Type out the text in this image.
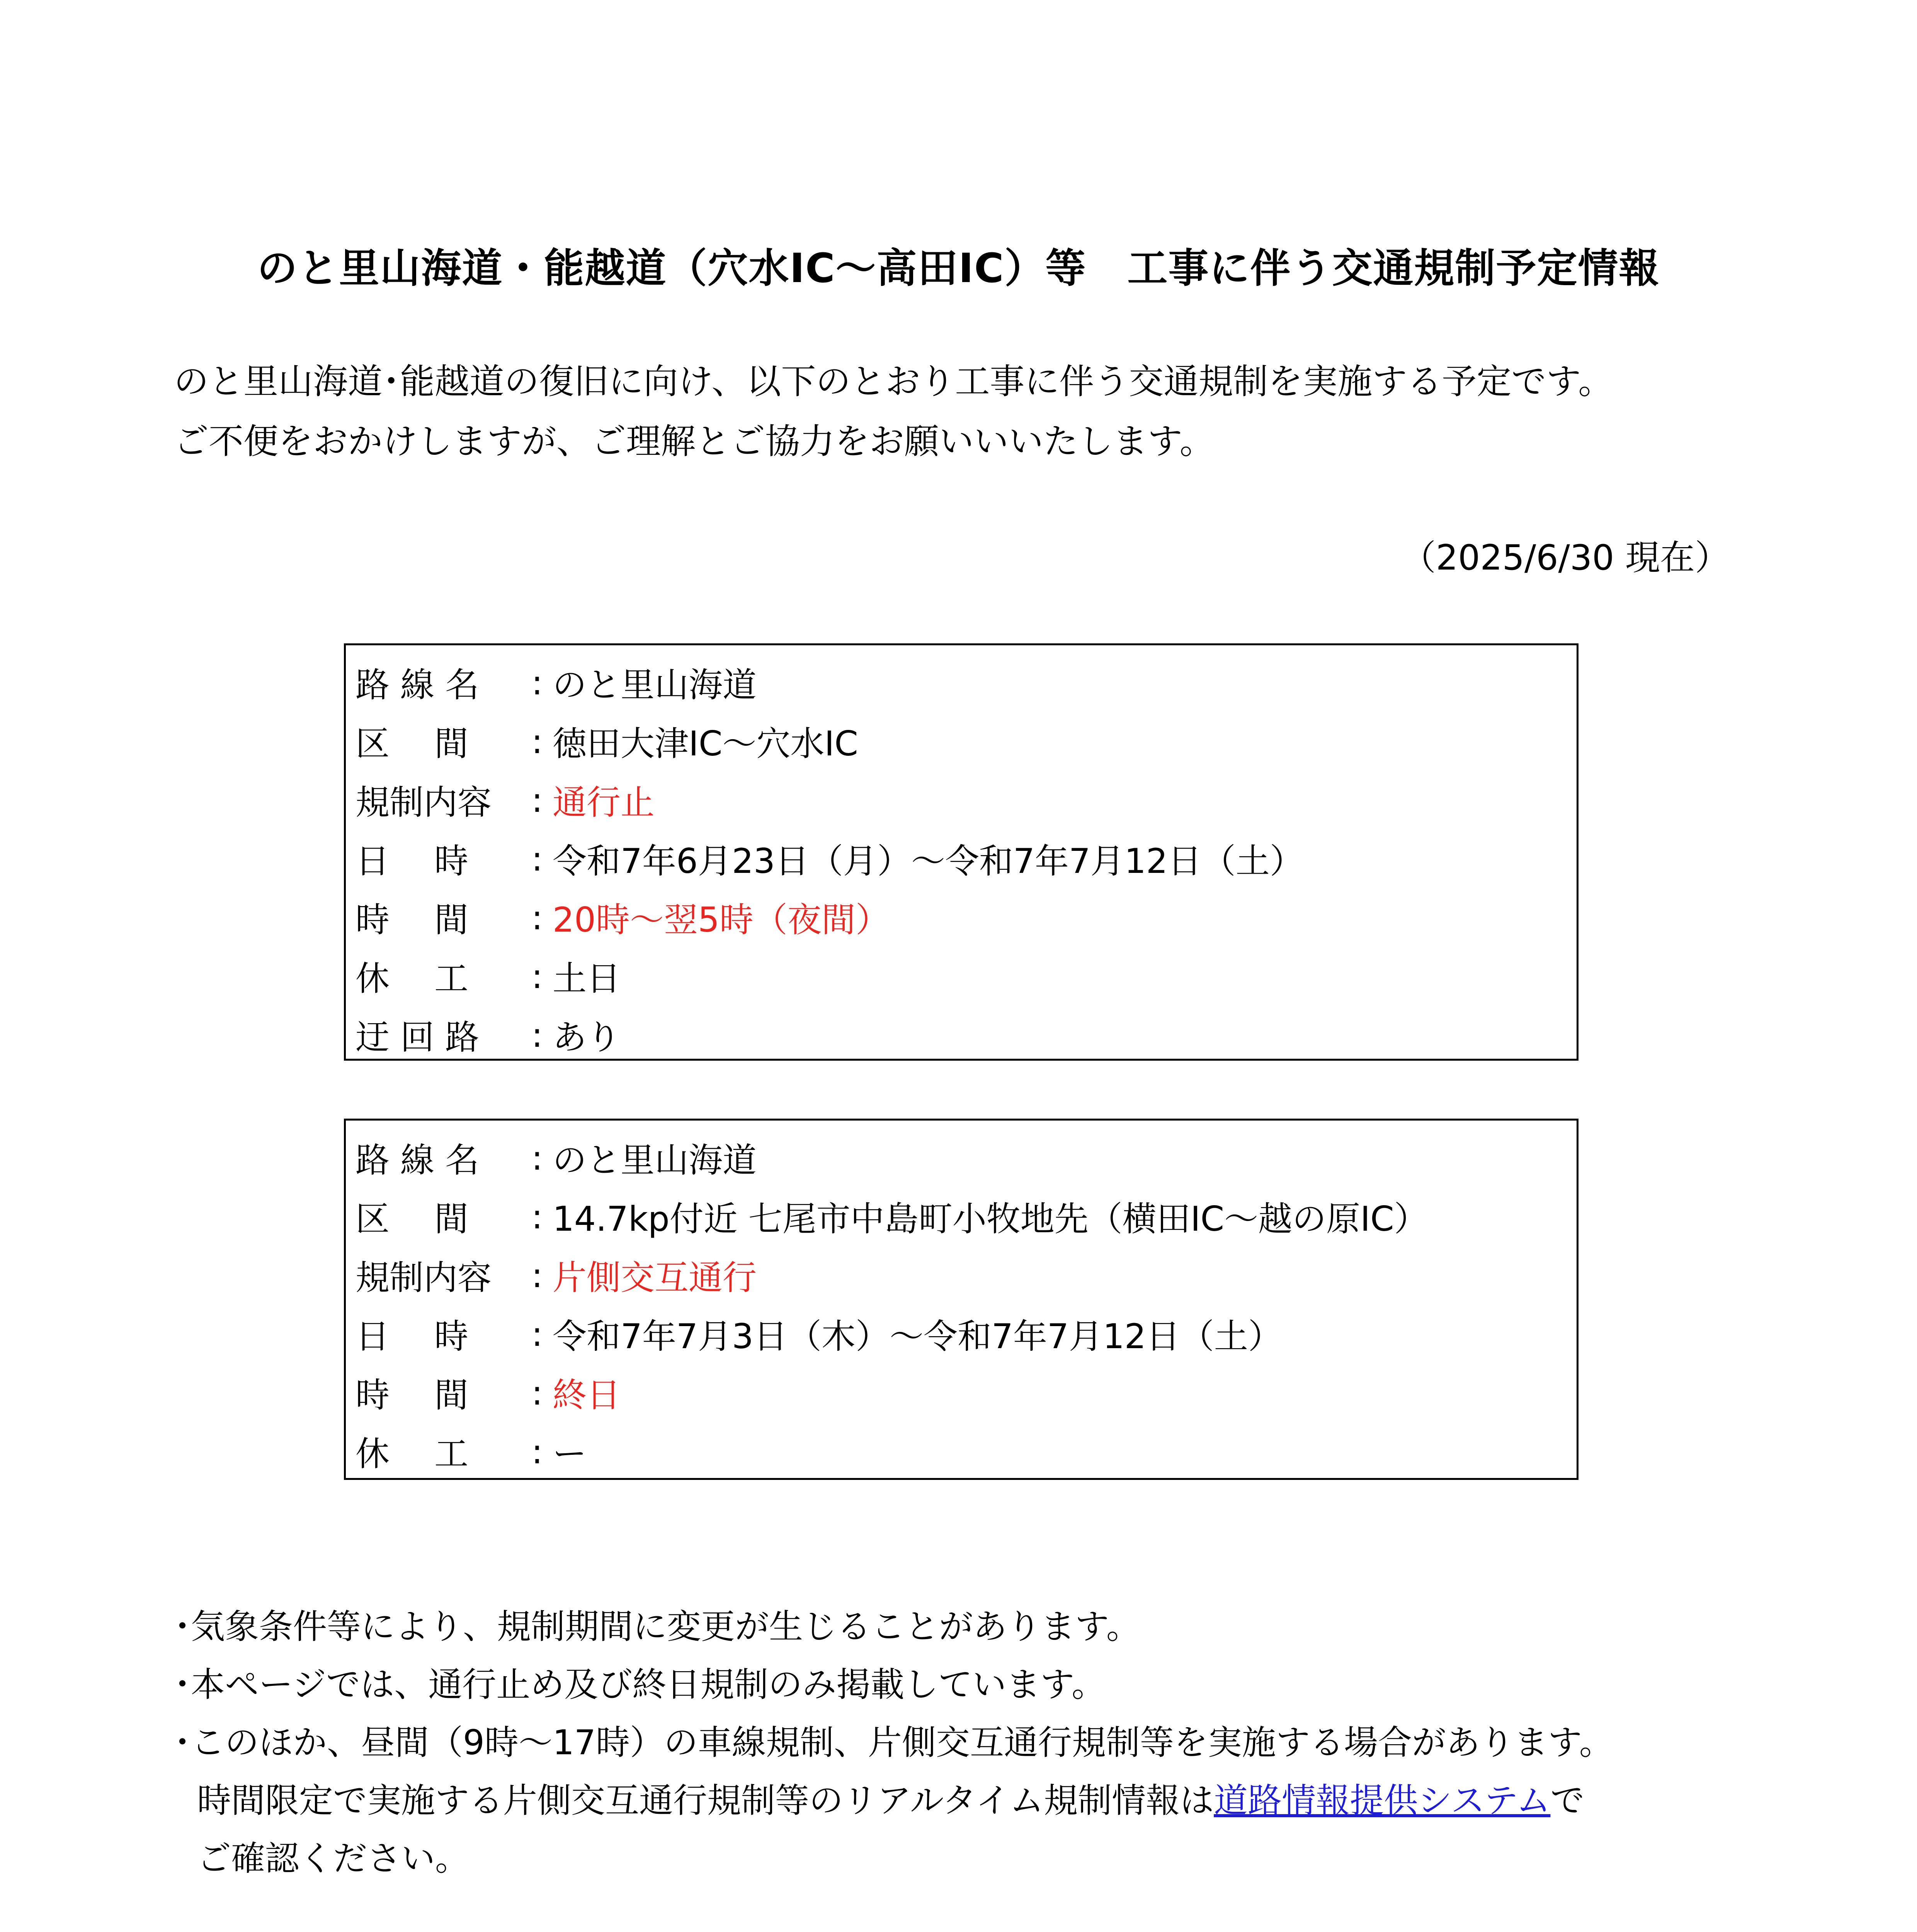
のと里山海道・能越道（穴水IC～高田IC）等　工事に伴う交通規制予定情報
のと里山海道･能越道の復旧に向け、以下のとおり工事に伴う交通規制を実施する予定です。
ご不便をおかけしますが、ご理解とご協力をお願いいいたします。
（2025/6/30 現在）
路 線 名	: のと里山海道
区　 間	: 徳田大津IC～穴水IC
規制内容	: 通行止
日　 時	: 令和7年6月23日（月）～令和7年7月12日（土）
時　 間	: 20時～翌5時（夜間）
休　 工	: 土日
迂 回 路	: あり
路 線 名	: のと里山海道
区　 間	: 14.7kp付近 七尾市中島町小牧地先（横田IC～越の原IC）
規制内容	: 片側交互通行
日　 時	: 令和7年7月3日（木）～令和7年7月12日（土）
時　 間	: 終日
休　 工	: ー
･気象条件等により、規制期間に変更が生じることがあります。
･本ページでは、通行止め及び終日規制のみ掲載しています。
･このほか、昼間（9時～17時）の車線規制、片側交互通行規制等を実施する場合があります。
時間限定で実施する片側交互通行規制等のリアルタイム規制情報は道路情報提供システムで
ご確認ください。
